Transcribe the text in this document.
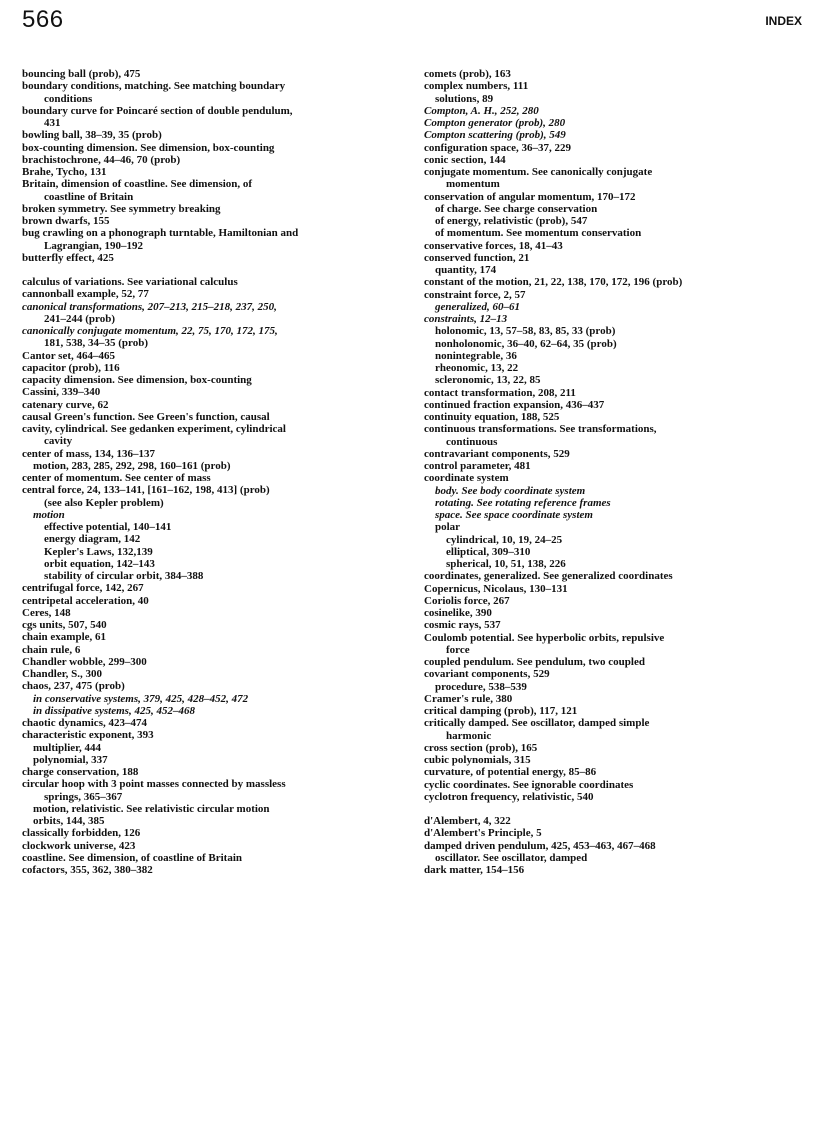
566	INDEX
bouncing ball (prob), 475
boundary conditions, matching. See matching boundary
conditions
boundary curve for Poincaré section of double pendulum,
431
bowling ball, 38–39, 35 (prob)
box-counting dimension. See dimension, box-counting
brachistochrone, 44–46, 70 (prob)
Brahe, Tycho, 131
Britain, dimension of coastline. See dimension, of
coastline of Britain
broken symmetry. See symmetry breaking
brown dwarfs, 155
bug crawling on a phonograph turntable, Hamiltonian and
Lagrangian, 190–192
butterfly effect, 425
calculus of variations. See variational calculus
cannonball example, 52, 77
canonical transformations, 207–213, 215–218, 237, 250,
241–244 (prob)
canonically conjugate momentum, 22, 75, 170, 172, 175,
181, 538, 34–35 (prob)
Cantor set, 464–465
capacitor (prob), 116
capacity dimension. See dimension, box-counting
Cassini, 339–340
catenary curve, 62
causal Green's function. See Green's function, causal
cavity, cylindrical. See gedanken experiment, cylindrical
cavity
center of mass, 134, 136–137
motion, 283, 285, 292, 298, 160–161 (prob)
center of momentum. See center of mass
central force, 24, 133–141, [161–162, 198, 413] (prob)
(see also Kepler problem)
motion
effective potential, 140–141
energy diagram, 142
Kepler's Laws, 132,139
orbit equation, 142–143
stability of circular orbit, 384–388
centrifugal force, 142, 267
centripetal acceleration, 40
Ceres, 148
cgs units, 507, 540
chain example, 61
chain rule, 6
Chandler wobble, 299–300
Chandler, S., 300
chaos, 237, 475 (prob)
in conservative systems, 379, 425, 428–452, 472
in dissipative systems, 425, 452–468
chaotic dynamics, 423–474
characteristic exponent, 393
multiplier, 444
polynomial, 337
charge conservation, 188
circular hoop with 3 point masses connected by massless
springs, 365–367
motion, relativistic. See relativistic circular motion
orbits, 144, 385
classically forbidden, 126
clockwork universe, 423
coastline. See dimension, of coastline of Britain
cofactors, 355, 362, 380–382
comets (prob), 163
complex numbers, 111
solutions, 89
Compton, A. H., 252, 280
Compton generator (prob), 280
Compton scattering (prob), 549
configuration space, 36–37, 229
conic section, 144
conjugate momentum. See canonically conjugate
momentum
conservation of angular momentum, 170–172
of charge. See charge conservation
of energy, relativistic (prob), 547
of momentum. See momentum conservation
conservative forces, 18, 41–43
conserved function, 21
quantity, 174
constant of the motion, 21, 22, 138, 170, 172, 196 (prob)
constraint force, 2, 57
generalized, 60–61
constraints, 12–13
holonomic, 13, 57–58, 83, 85, 33 (prob)
nonholonomic, 36–40, 62–64, 35 (prob)
nonintegrable, 36
rheonomic, 13, 22
scleronomic, 13, 22, 85
contact transformation, 208, 211
continued fraction expansion, 436–437
continuity equation, 188, 525
continuous transformations. See transformations,
continuous
contravariant components, 529
control parameter, 481
coordinate system
body. See body coordinate system
rotating. See rotating reference frames
space. See space coordinate system
polar
cylindrical, 10, 19, 24–25
elliptical, 309–310
spherical, 10, 51, 138, 226
coordinates, generalized. See generalized coordinates
Copernicus, Nicolaus, 130–131
Coriolis force, 267
cosinelike, 390
cosmic rays, 537
Coulomb potential. See hyperbolic orbits, repulsive
force
coupled pendulum. See pendulum, two coupled
covariant components, 529
procedure, 538–539
Cramer's rule, 380
critical damping (prob), 117, 121
critically damped. See oscillator, damped simple
harmonic
cross section (prob), 165
cubic polynomials, 315
curvature, of potential energy, 85–86
cyclic coordinates. See ignorable coordinates
cyclotron frequency, relativistic, 540
d'Alembert, 4, 322
d'Alembert's Principle, 5
damped driven pendulum, 425, 453–463, 467–468
oscillator. See oscillator, damped
dark matter, 154–156
